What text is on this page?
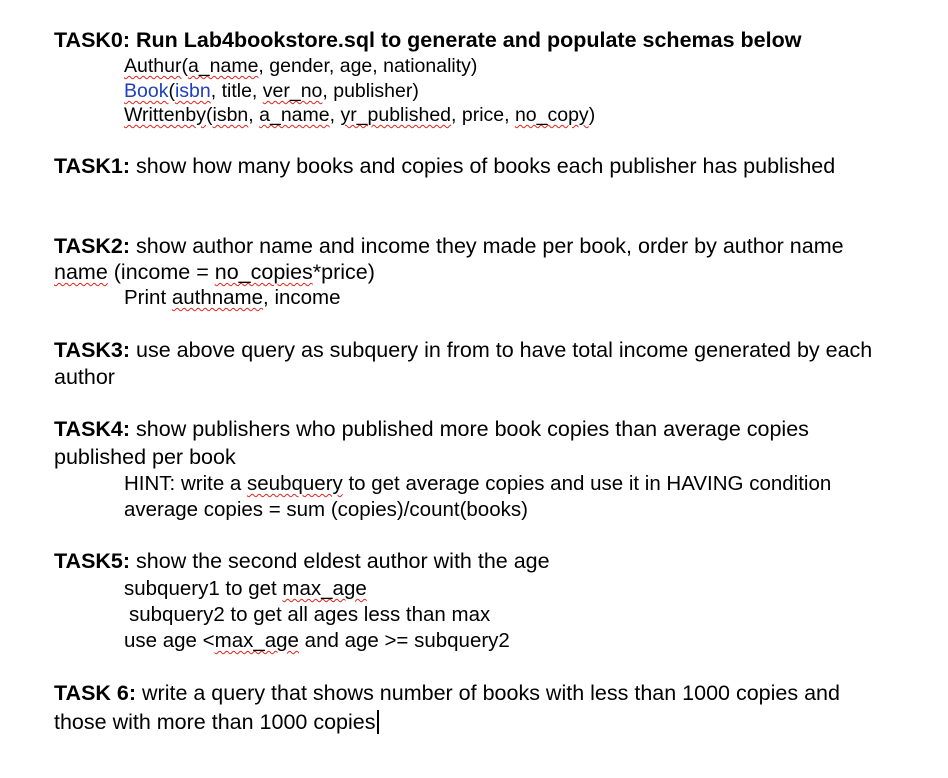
TASK0: Run Lab4bookstore.sql to generate and populate schemas below
Authur(a_name, gender, age, nationality)
Book(isbn, title, ver_no, publisher)
Writtenby(isbn, a_name, yr_published, price, no_copy)
TASK1: show how many books and copies of books each publisher has published
TASK2: show author name and income they made per book, order by author name
name (income = no_copies*price)
Print authname, income
TASK3: use above query as subquery in from to have total income generated by each
author
TASK4: show publishers who published more book copies than average copies
published per book
HINT: write a seubquery to get average copies and use it in HAVING condition
average copies = sum (copies)/count(books)
TASK5: show the second eldest author with the age
subquery1 to get max_age
subquery2 to get all ages less than max
use age <max_age and age >= subquery2
TASK 6: write a query that shows number of books with less than 1000 copies and
those with more than 1000 copies
